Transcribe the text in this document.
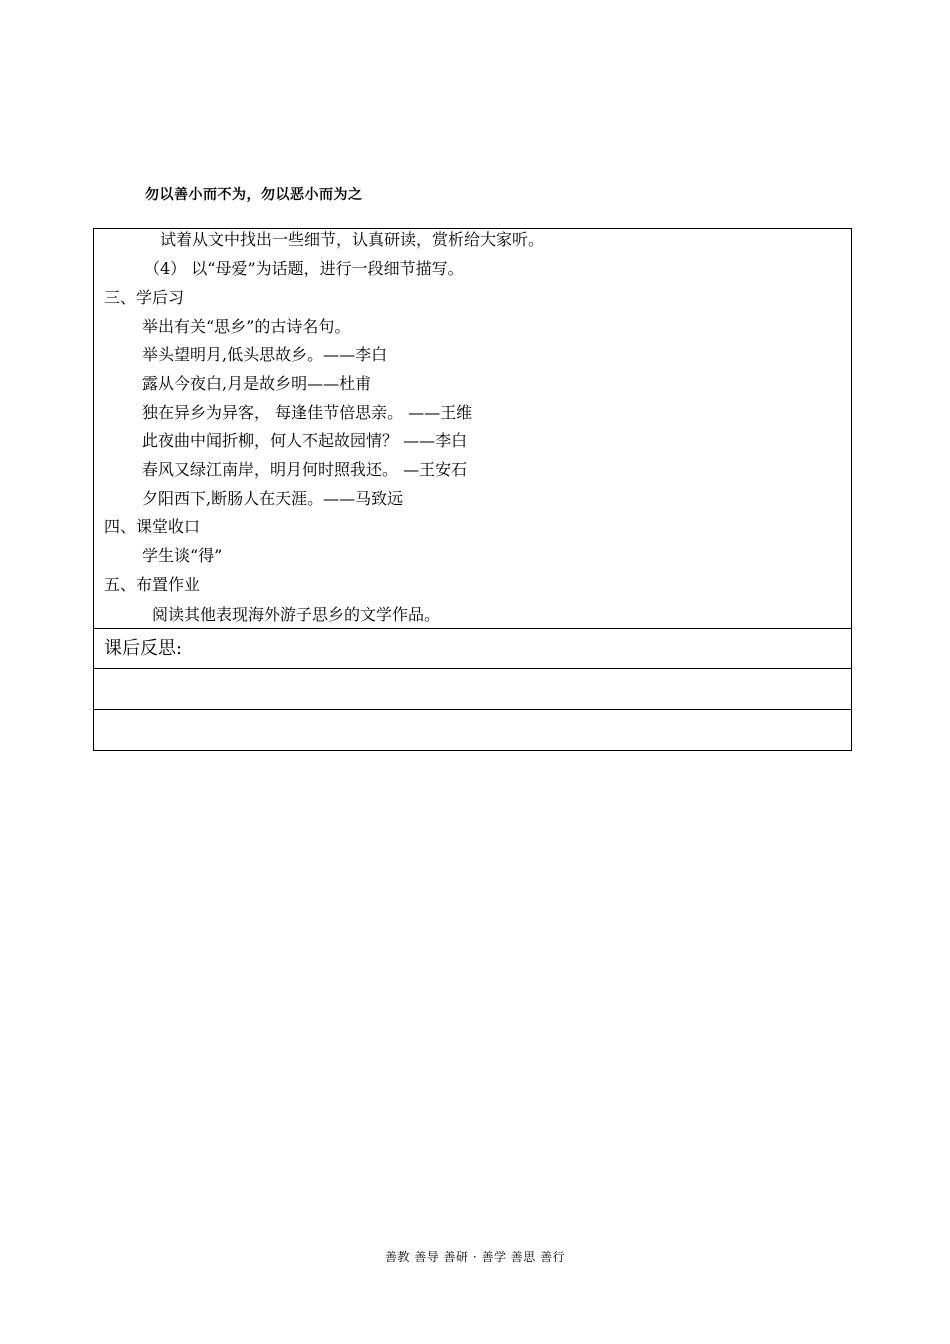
勿以善小而不为，勿以恶小而为之
试着从文中找出一些细节，认真研读，赏析给大家听。
（4） 以“母爱”为话题，进行一段细节描写。
三、学后习
举出有关“思乡”的古诗名句。
举头望明月,低头思故乡。——李白
露从今夜白,月是故乡明——杜甫
独在异乡为异客， 每逢佳节倍思亲。 ——王维
此夜曲中闻折柳，何人不起故园情？ ——李白
春风又绿江南岸，明月何时照我还。 —王安石
夕阳西下,断肠人在天涯。——马致远
四、课堂收口
学生谈“得”
五、布置作业
阅读其他表现海外游子思乡的文学作品。
课后反思:
善教 善导 善研 · 善学 善思 善行
